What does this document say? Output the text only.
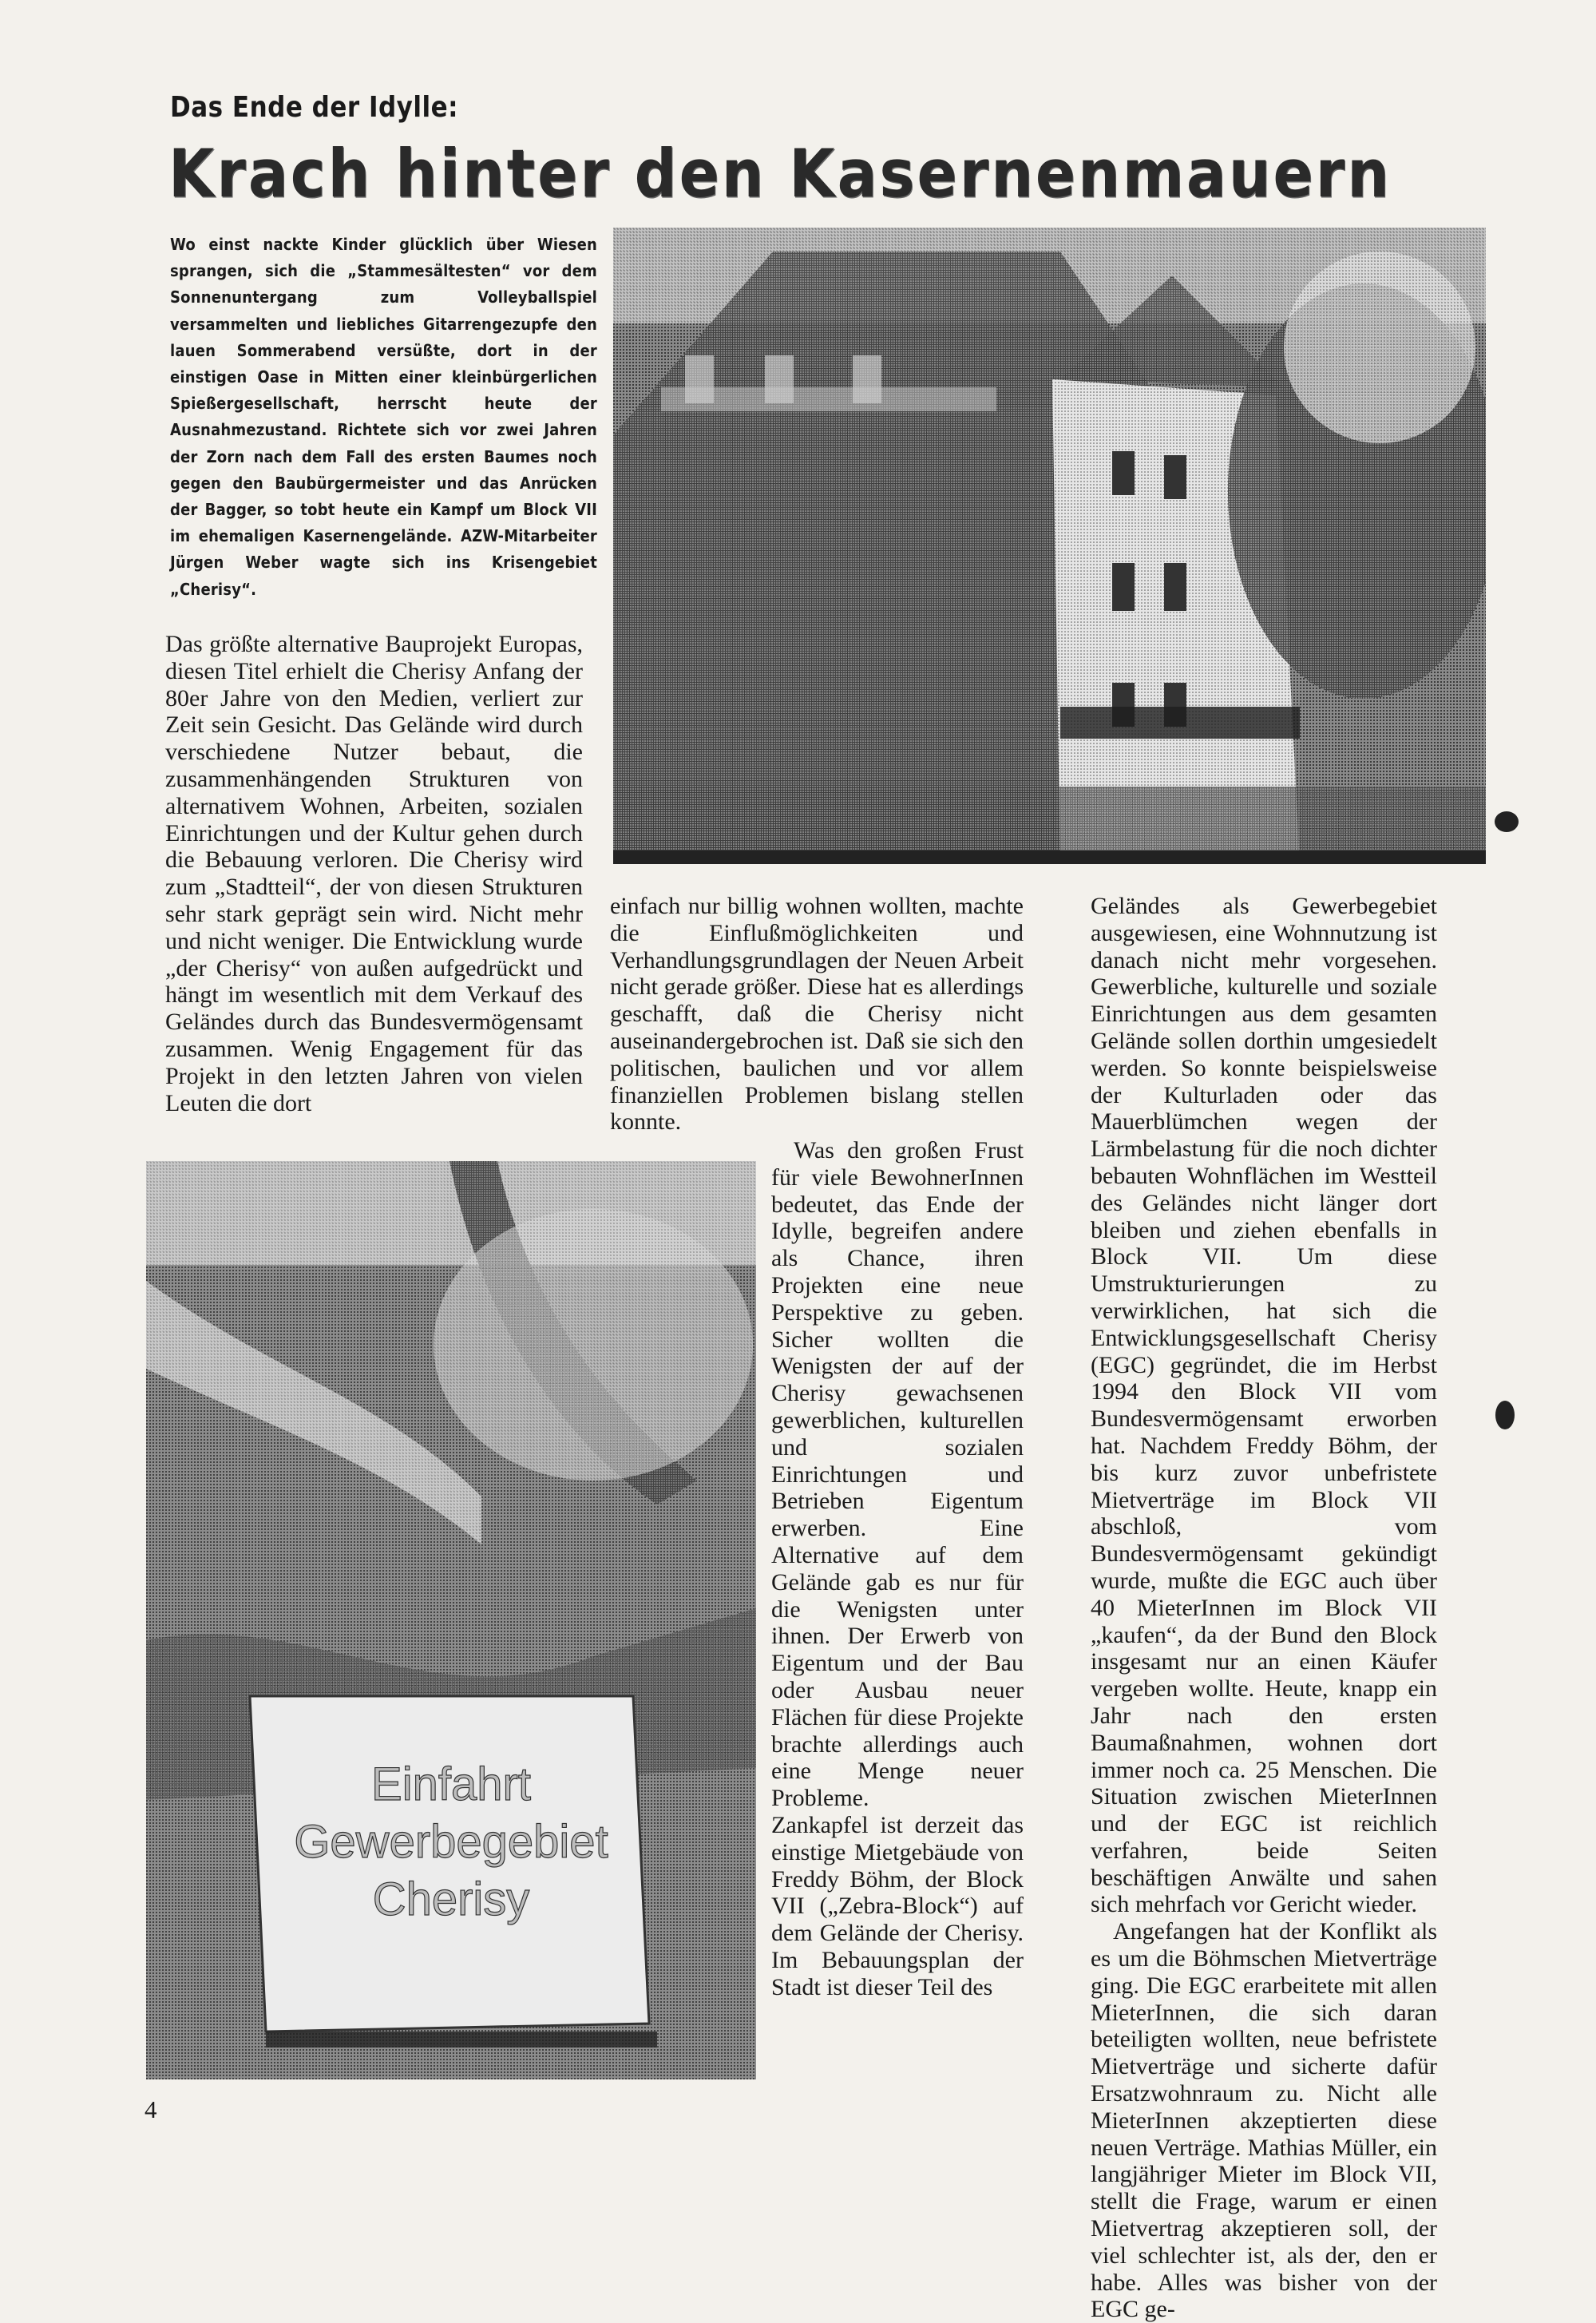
Das Ende der Idylle:
Krach hinter den Kasernenmauern
Wo einst nackte Kinder glücklich über Wiesen sprangen, sich die „Stammesältesten“ vor dem Sonnenuntergang zum Volleyballspiel versammelten und liebliches Gitarrengezupfe den lauen Sommerabend versüßte, dort in der einstigen Oase in Mitten einer kleinbürgerlichen Spießergesellschaft, herrscht heute der Ausnahmezustand. Richtete sich vor zwei Jahren der Zorn nach dem Fall des ersten Baumes noch gegen den Baubürgermeister und das Anrücken der Bagger, so tobt heute ein Kampf um Block VII im ehemaligen Kasernengelände. AZW-Mitarbeiter Jürgen Weber wagte sich ins Krisengebiet „Cherisy“.

Das größte alternative Bauprojekt Europas, diesen Titel erhielt die Cherisy Anfang der 80er Jahre von den Medien, verliert zur Zeit sein Gesicht. Das Gelände wird durch verschiedene Nutzer bebaut, die zusammenhängenden Strukturen von alternativem Wohnen, Arbeiten, sozialen Einrichtungen und der Kultur gehen durch die Bebauung verloren. Die Cherisy wird zum „Stadtteil“, der von diesen Strukturen sehr stark geprägt sein wird. Nicht mehr und nicht weniger. Die Entwicklung wurde „der Cherisy“ von außen aufgedrückt und hängt im wesentlich mit dem Verkauf des Geländes durch das Bundesvermögensamt zusammen. Wenig Engagement für das Projekt in den letzten Jahren von vielen Leuten die dort

einfach nur billig wohnen wollten, machte die Einflußmöglichkeiten und Verhandlungsgrundlagen der Neuen Arbeit nicht gerade größer. Diese hat es allerdings geschafft, daß die Cherisy nicht auseinandergebrochen ist. Daß sie sich den politischen, baulichen und vor allem finanziellen Problemen bislang stellen konnte.

Was den großen Frust für viele BewohnerInnen bedeutet, das Ende der Idylle, begreifen andere als Chance, ihren Projekten eine neue Perspektive zu geben. Sicher wollten die Wenigsten der auf der Cherisy gewachsenen gewerblichen, kulturellen und sozialen Einrichtungen und Betrieben Eigentum erwerben. Eine Alternative auf dem Gelände gab es nur für die Wenigsten unter ihnen. Der Erwerb von Eigentum und der Bau oder Ausbau neuer Flächen für diese Projekte brachte allerdings auch eine Menge neuer Probleme.

Zankapfel ist derzeit das einstige Mietgebäude von Freddy Böhm, der Block VII („Zebra-Block“) auf dem Gelände der Cherisy. Im Bebauungsplan der Stadt ist dieser Teil des

Geländes als Gewerbegebiet ausgewiesen, eine Wohnnutzung ist danach nicht mehr vorgesehen. Gewerbliche, kulturelle und soziale Einrichtungen aus dem gesamten Gelände sollen dorthin umgesiedelt werden. So konnte beispielsweise der Kulturladen oder das Mauerblümchen wegen der Lärmbelastung für die noch dichter bebauten Wohnflächen im Westteil des Geländes nicht länger dort bleiben und ziehen ebenfalls in Block VII. Um diese Umstrukturierungen zu verwirklichen, hat sich die Entwicklungsgesellschaft Cherisy (EGC) gegründet, die im Herbst 1994 den Block VII vom Bundesvermögensamt erworben hat. Nachdem Freddy Böhm, der bis kurz zuvor unbefristete Mietverträge im Block VII abschloß, vom Bundesvermögensamt gekündigt wurde, mußte die EGC auch über 40 MieterInnen im Block VII „kaufen“, da der Bund den Block insgesamt nur an einen Käufer vergeben wollte. Heute, knapp ein Jahr nach den ersten Baumaßnahmen, wohnen dort immer noch ca. 25 Menschen. Die Situation zwischen MieterInnen und der EGC ist reichlich verfahren, beide Seiten beschäftigen Anwälte und sahen sich mehrfach vor Gericht wieder.

Angefangen hat der Konflikt als es um die Böhmschen Mietverträge ging. Die EGC erarbeitete mit allen MieterInnen, die sich daran beteiligten wollten, neue befristete Mietverträge und sicherte dafür Ersatzwohnraum zu. Nicht alle MieterInnen akzeptierten diese neuen Verträge. Mathias Müller, ein langjähriger Mieter im Block VII, stellt die Frage, warum er einen Mietvertrag akzeptieren soll, der viel schlechter ist, als der, den er habe. Alles was bisher von der EGC ge-

Einfahrt
Gewerbegebiet
Cherisy
4
